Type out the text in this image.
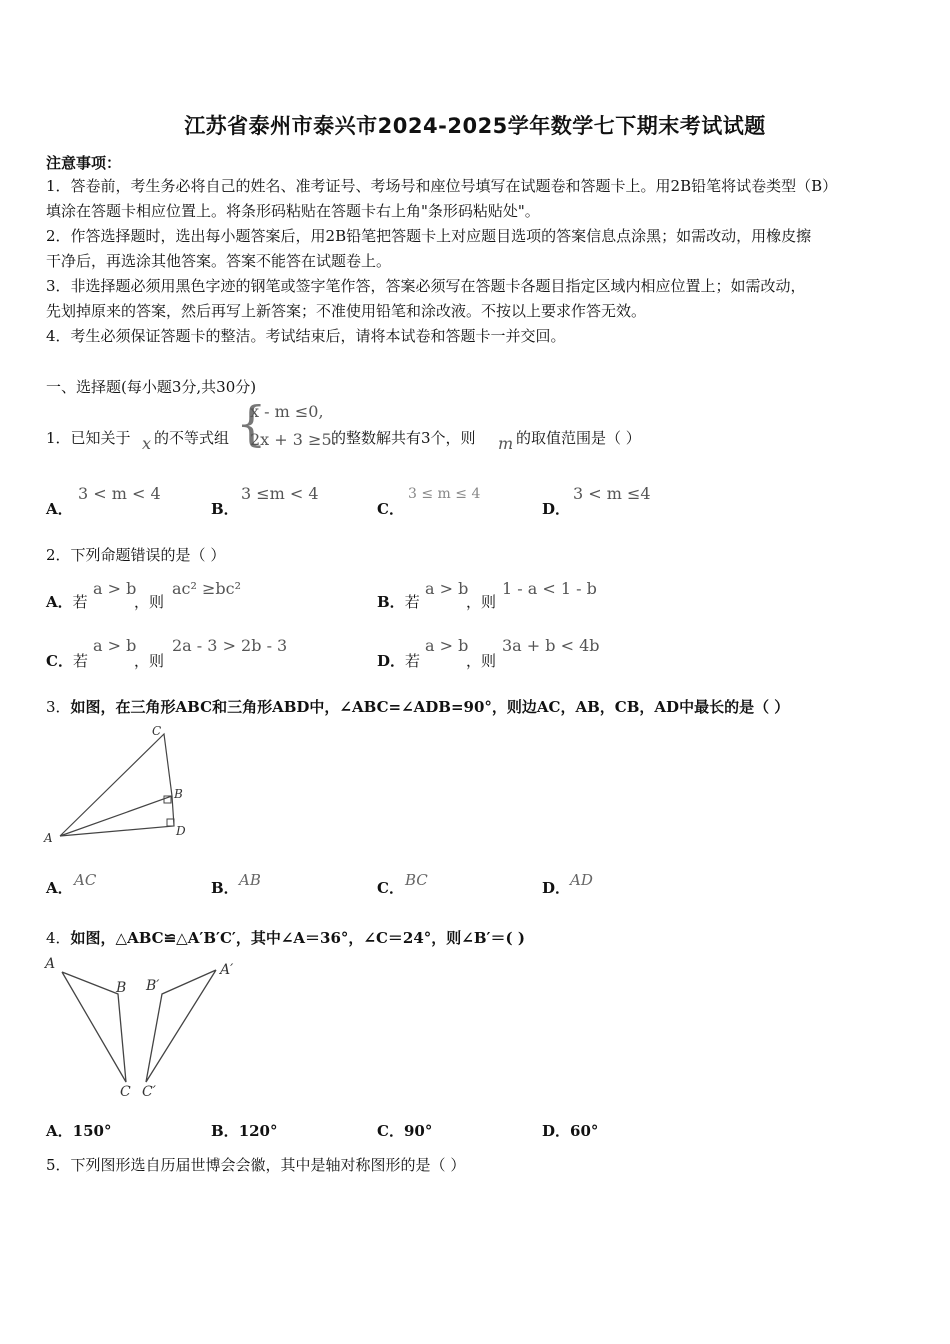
江苏省泰州市泰兴市2024-2025学年数学七下期末考试试题
注意事项：
1．答卷前，考生务必将自己的姓名、准考证号、考场号和座位号填写在试题卷和答题卡上。用2B铅笔将试卷类型（B）
填涂在答题卡相应位置上。将条形码粘贴在答题卡右上角"条形码粘贴处"。
2．作答选择题时，选出每小题答案后，用2B铅笔把答题卡上对应题目选项的答案信息点涂黑；如需改动，用橡皮擦
干净后，再选涂其他答案。答案不能答在试题卷上。
3．非选择题必须用黑色字迹的钢笔或签字笔作答，答案必须写在答题卡各题目指定区域内相应位置上；如需改动，
先划掉原来的答案，然后再写上新答案；不准使用铅笔和涂改液。不按以上要求作答无效。
4．考生必须保证答题卡的整洁。考试结束后，请将本试卷和答题卡一并交回。
一、选择题(每小题3分,共30分)
1．已知关于 x 的不等式组 {
x - m ≤0,
2x + 3 ≥5.
的整数解共有3个，则 m 的取值范围是（ ）
A．
3 < m < 4
B．
3 ≤m < 4
C．
3 ≤ m ≤ 4
D．
3 < m ≤4
2．下列命题错误的是（ ）
A．若
a > b
，则
ac² ≥bc²
B．若
a > b
，则
1 - a < 1 - b
C．若
a > b
，则
2a - 3 > 2b - 3
D．若
a > b
，则
3a + b < 4b
3．如图，在三角形ABC和三角形ABD中，∠ABC=∠ADB=90°，则边AC，AB，CB，AD中最长的是（ ）
A
C
B
D
A． AC	B． AB	C． BC	D． AD
4．如图，△ABC≌△A′B′C′，其中∠A＝36°，∠C＝24°，则∠B′＝( )
A
B
C
A′
B′
C′
A．150°	B．120°	C．90°	D．60°
5．下列图形选自历届世博会会徽，其中是轴对称图形的是（ ）
